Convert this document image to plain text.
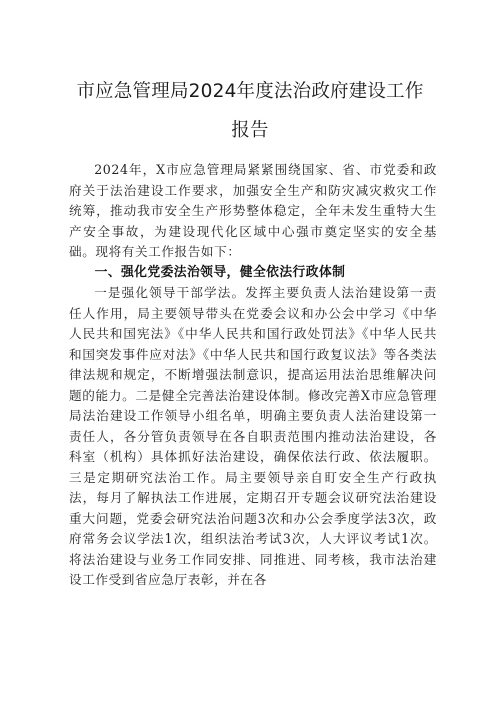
市应急管理局2024年度法治政府建设工作
报告

2024年，X市应急管理局紧紧围绕国家、省、市党委和政府关于法治建设工作要求，加强安全生产和防灾减灾救灾工作统筹，推动我市安全生产形势整体稳定，全年未发生重特大生产安全事故，为建设现代化区域中心强市奠定坚实的安全基础。现将有关工作报告如下：

一、强化党委法治领导，健全依法行政体制

一是强化领导干部学法。发挥主要负责人法治建设第一责任人作用，局主要领导带头在党委会议和办公会中学习《中华人民共和国宪法》《中华人民共和国行政处罚法》《中华人民共和国突发事件应对法》《中华人民共和国行政复议法》等各类法律法规和规定，不断增强法制意识，提高运用法治思维解决问题的能力。二是健全完善法治建设体制。修改完善X市应急管理局法治建设工作领导小组名单，明确主要负责人法治建设第一责任人，各分管负责领导在各自职责范围内推动法治建设，各科室（机构）具体抓好法治建设，确保依法行政、依法履职。三是定期研究法治工作。局主要领导亲自盯安全生产行政执法，每月了解执法工作进展，定期召开专题会议研究法治建设重大问题，党委会研究法治问题3次和办公会季度学法3次，政府常务会议学法1次，组织法治考试3次，人大评议考试1次。将法治建设与业务工作同安排、同推进、同考核，我市法治建设工作受到省应急厅表彰，并在各
